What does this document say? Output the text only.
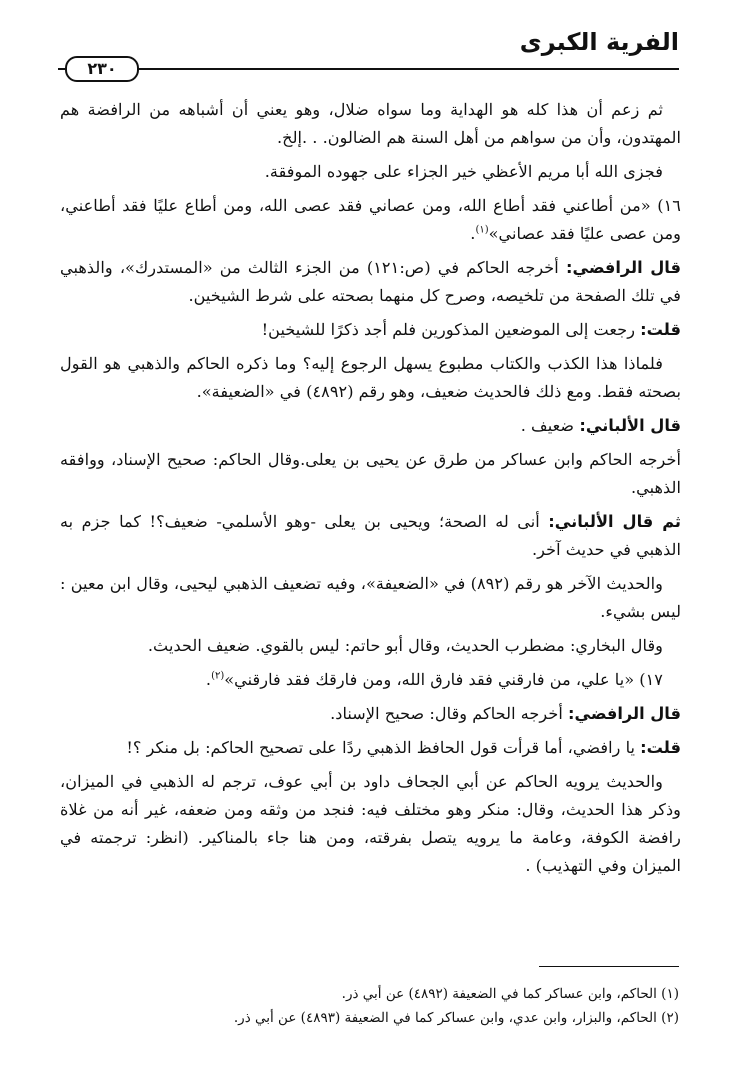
الفرية الكبرى
٢٣٠

ثم زعم أن هذا كله هو الهداية وما سواه ضلال، وهو يعني أن أشباهه من الرافضة هم المهتدون، وأن من سواهم من أهل السنة هم الضالون. . .إلخ.

فجزى الله أبا مريم الأعظي خير الجزاء على جهوده الموفقة.

١٦) «من أطاعني فقد أطاع الله، ومن عصاني فقد عصى الله، ومن أطاع عليًا فقد أطاعني، ومن عصى عليًا فقد عصاني»$^{(١)}$.

قال الرافضي: أخرجه الحاكم في (ص:١٢١) من الجزء الثالث من «المستدرك»، والذهبي في تلك الصفحة من تلخيصه، وصرح كل منهما بصحته على شرط الشيخين.

قلت: رجعت إلى الموضعين المذكورين فلم أجد ذكرًا للشيخين!

فلماذا هذا الكذب والكتاب مطبوع يسهل الرجوع إليه؟ وما ذكره الحاكم والذهبي هو القول بصحته فقط. ومع ذلك فالحديث ضعيف، وهو رقم (٤٨٩٢) في «الضعيفة».

قال الألباني: ضعيف .

أخرجه الحاكم وابن عساكر من طرق عن يحيى بن يعلى.وقال الحاكم: صحيح الإسناد، ووافقه الذهبي.

ثم قال الألباني: أنى له الصحة؛ ويحيى بن يعلى -وهو الأسلمي- ضعيف؟! كما جزم به الذهبي في حديث آخر.

والحديث الآخر هو رقم (٨٩٢) في «الضعيفة»، وفيه تضعيف الذهبي ليحيى، وقال ابن معين : ليس بشيء.

وقال البخاري: مضطرب الحديث، وقال أبو حاتم: ليس بالقوي. ضعيف الحديث.

١٧) «يا علي، من فارقني فقد فارق الله، ومن فارقك فقد فارقني»$^{(٢)}$.

قال الرافضي: أخرجه الحاكم وقال: صحيح الإسناد.

قلت: يا رافضي، أما قرأت قول الحافظ الذهبي ردًا على تصحيح الحاكم: بل منكر ؟!

والحديث يرويه الحاكم عن أبي الجحاف داود بن أبي عوف، ترجم له الذهبي في الميزان، وذكر هذا الحديث، وقال: منكر وهو مختلف فيه: فنجد من وثقه ومن ضعفه، غير أنه من غلاة رافضة الكوفة، وعامة ما يرويه يتصل بفرقته، ومن هنا جاء بالمناكير. (انظر: ترجمته في الميزان وفي التهذيب) .

(١) الحاكم، وابن عساكر كما في الضعيفة (٤٨٩٢) عن أبي ذر.

(٢) الحاكم، والبزار، وابن عدي، وابن عساكر كما في الضعيفة (٤٨٩٣) عن أبي ذر.
